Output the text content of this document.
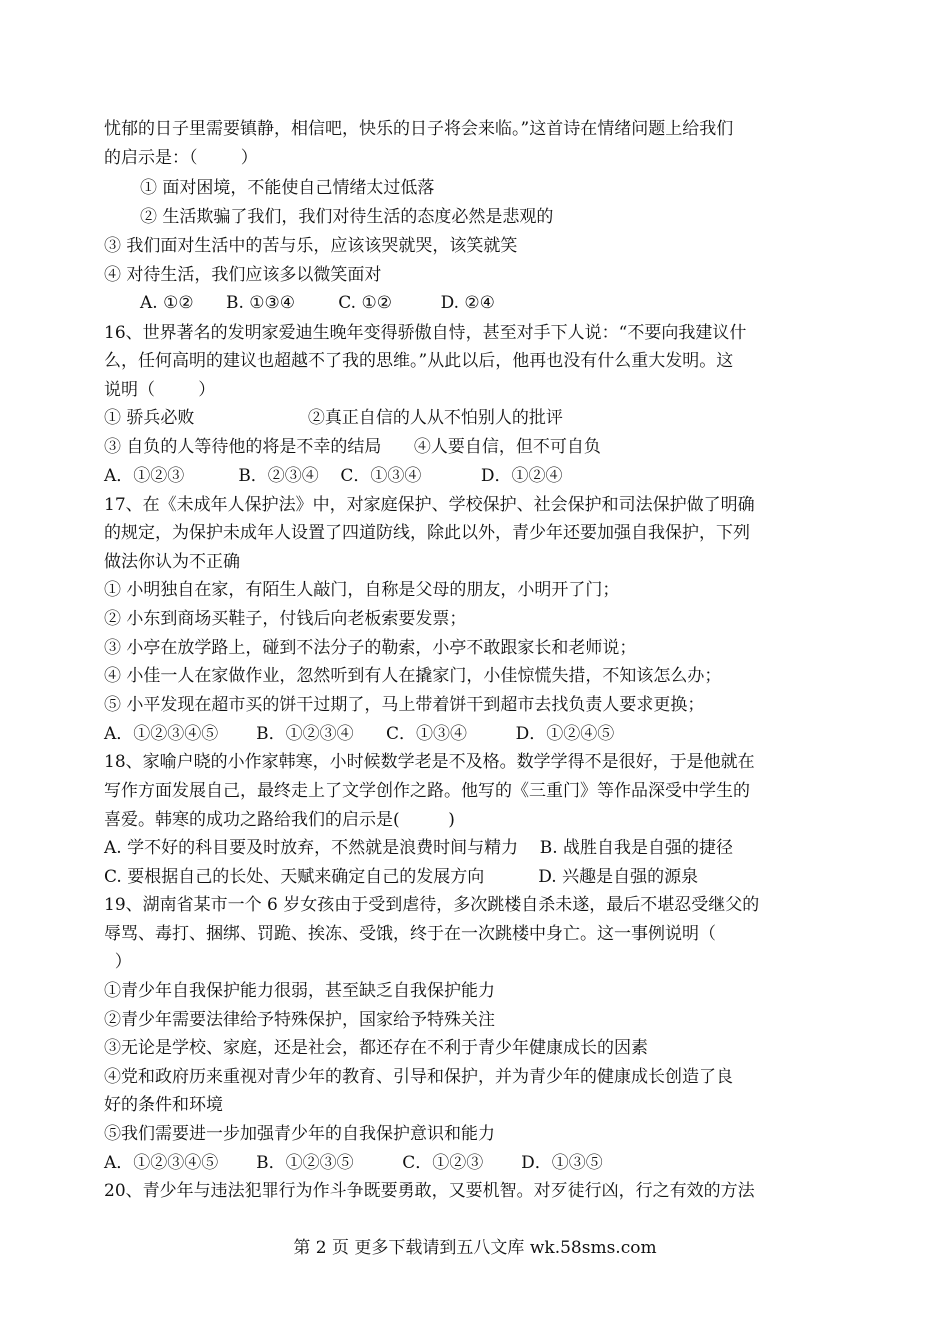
忧郁的日子里需要镇静，相信吧，快乐的日子将会来临。”这首诗在情绪问题上给我们
的启示是：（        ）
① 面对困境，不能使自己情绪太过低落
② 生活欺骗了我们，我们对待生活的态度必然是悲观的
③ 我们面对生活中的苦与乐，应该该哭就哭，该笑就笑
④ 对待生活，我们应该多以微笑面对
A. ①②      B. ①③④        C. ①②         D. ②④
16、世界著名的发明家爱迪生晚年变得骄傲自恃，甚至对手下人说：“不要向我建议什
么，任何高明的建议也超越不了我的思维。”从此以后，他再也没有什么重大发明。这
说明（        ）
① 骄兵必败                     ②真正自信的人从不怕别人的批评
③ 自负的人等待他的将是不幸的结局      ④人要自信，但不可自负
A．①②③          B．②③④    C．①③④           D．①②④
17、在《未成年人保护法》中，对家庭保护、学校保护、社会保护和司法保护做了明确
的规定，为保护未成年人设置了四道防线，除此以外，青少年还要加强自我保护，下列
做法你认为不正确
① 小明独自在家，有陌生人敲门，自称是父母的朋友，小明开了门；
② 小东到商场买鞋子，付钱后向老板索要发票；
③ 小亭在放学路上，碰到不法分子的勒索，小亭不敢跟家长和老师说；
④ 小佳一人在家做作业，忽然听到有人在撬家门，小佳惊慌失措，不知该怎么办；
⑤ 小平发现在超市买的饼干过期了，马上带着饼干到超市去找负责人要求更换；
A．①②③④⑤       B．①②③④      C．①③④         D．①②④⑤
18、家喻户晓的小作家韩寒，小时候数学老是不及格。数学学得不是很好，于是他就在
写作方面发展自己，最终走上了文学创作之路。他写的《三重门》等作品深受中学生的
喜爱。韩寒的成功之路给我们的启示是(         )
A. 学不好的科目要及时放弃，不然就是浪费时间与精力    B. 战胜自我是自强的捷径
C. 要根据自己的长处、天赋来确定自己的发展方向          D. 兴趣是自强的源泉
19、湖南省某市一个 6 岁女孩由于受到虐待，多次跳楼自杀未遂，最后不堪忍受继父的
辱骂、毒打、捆绑、罚跪、挨冻、受饿，终于在一次跳楼中身亡。这一事例说明（
）
①青少年自我保护能力很弱，甚至缺乏自我保护能力
②青少年需要法律给予特殊保护，国家给予特殊关注
③无论是学校、家庭，还是社会，都还存在不利于青少年健康成长的因素
④党和政府历来重视对青少年的教育、引导和保护，并为青少年的健康成长创造了良
好的条件和环境
⑤我们需要进一步加强青少年的自我保护意识和能力
A．①②③④⑤       B．①②③⑤         C．①②③       D．①③⑤
20、青少年与违法犯罪行为作斗争既要勇敢，又要机智。对歹徒行凶，行之有效的方法
第 2 页 更多下载请到五八文库 wk.58sms.com
